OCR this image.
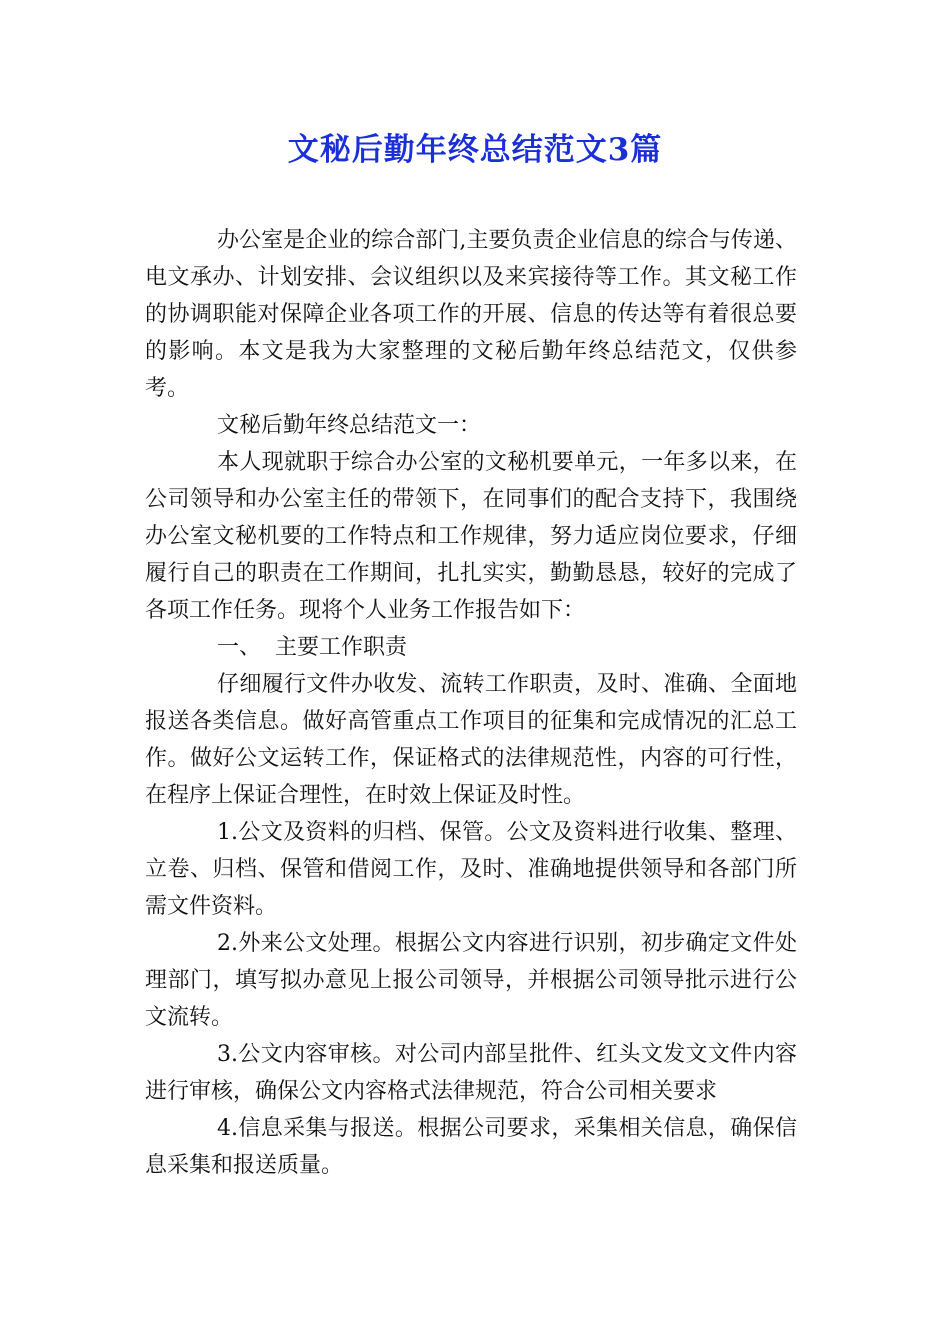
文秘后勤年终总结范文3篇

办公室是企业的综合部门,主要负责企业信息的综合与传递、电文承办、计划安排、会议组织以及来宾接待等工作。其文秘工作的协调职能对保障企业各项工作的开展、信息的传达等有着很总要的影响。本文是我为大家整理的文秘后勤年终总结范文，仅供参考。

文秘后勤年终总结范文一：

本人现就职于综合办公室的文秘机要单元，一年多以来，在公司领导和办公室主任的带领下，在同事们的配合支持下，我围绕办公室文秘机要的工作特点和工作规律，努力适应岗位要求，仔细履行自己的职责在工作期间，扎扎实实，勤勤恳恳，较好的完成了各项工作任务。现将个人业务工作报告如下：

一、 主要工作职责

仔细履行文件办收发、流转工作职责，及时、准确、全面地报送各类信息。做好高管重点工作项目的征集和完成情况的汇总工作。做好公文运转工作，保证格式的法律规范性，内容的可行性，在程序上保证合理性，在时效上保证及时性。

1.公文及资料的归档、保管。公文及资料进行收集、整理、立卷、归档、保管和借阅工作，及时、准确地提供领导和各部门所需文件资料。

2.外来公文处理。根据公文内容进行识别，初步确定文件处理部门，填写拟办意见上报公司领导，并根据公司领导批示进行公文流转。

3.公文内容审核。对公司内部呈批件、红头文发文文件内容进行审核，确保公文内容格式法律规范，符合公司相关要求

4.信息采集与报送。根据公司要求，采集相关信息，确保信息采集和报送质量。
